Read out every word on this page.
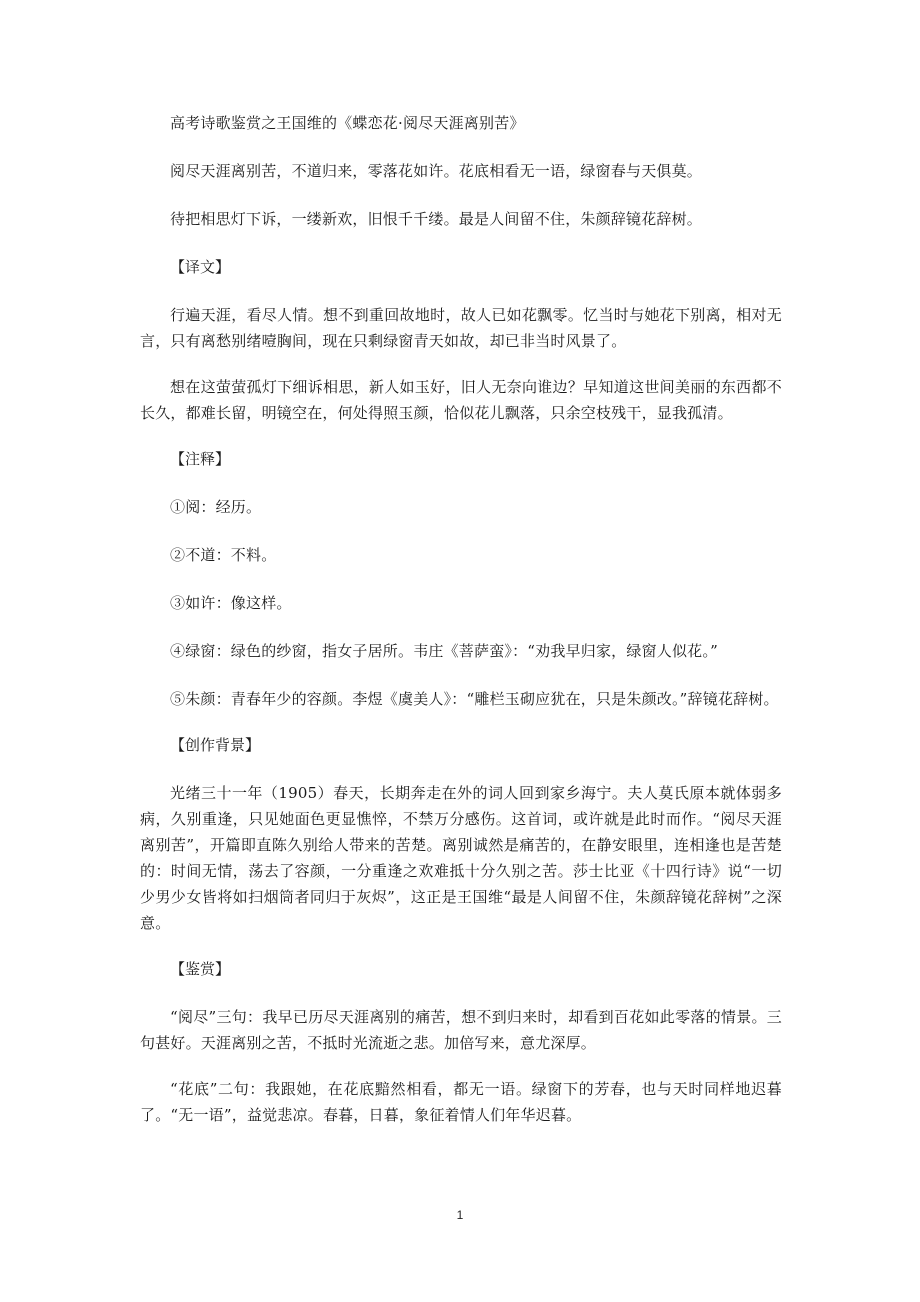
高考诗歌鉴赏之王国维的《蝶恋花·阅尽天涯离别苦》

阅尽天涯离别苦，不道归来，零落花如许。花底相看无一语，绿窗春与天俱莫。

待把相思灯下诉，一缕新欢，旧恨千千缕。最是人间留不住，朱颜辞镜花辞树。

【译文】

行遍天涯，看尽人情。想不到重回故地时，故人已如花飘零。忆当时与她花下别离，相对无言，只有离愁别绪噎胸间，现在只剩绿窗青天如故，却已非当时风景了。

想在这萤萤孤灯下细诉相思，新人如玉好，旧人无奈向谁边？早知道这世间美丽的东西都不长久，都难长留，明镜空在，何处得照玉颜，恰似花儿飘落，只余空枝残干，显我孤清。

【注释】

①阅：经历。

②不道：不料。

③如许：像这样。

④绿窗：绿色的纱窗，指女子居所。韦庄《菩萨蛮》：“劝我早归家，绿窗人似花。”

⑤朱颜：青春年少的容颜。李煜《虞美人》：“雕栏玉砌应犹在，只是朱颜改。”辞镜花辞树。

【创作背景】

光绪三十一年（1905）春天，长期奔走在外的词人回到家乡海宁。夫人莫氏原本就体弱多病，久别重逢，只见她面色更显憔悴，不禁万分感伤。这首词，或许就是此时而作。“阅尽天涯离别苦”，开篇即直陈久别给人带来的苦楚。离别诚然是痛苦的，在静安眼里，连相逢也是苦楚的：时间无情，荡去了容颜，一分重逢之欢难抵十分久别之苦。莎士比亚《十四行诗》说“一切少男少女皆将如扫烟筒者同归于灰烬”，这正是王国维“最是人间留不住，朱颜辞镜花辞树”之深意。

【鉴赏】

“阅尽”三句：我早已历尽天涯离别的痛苦，想不到归来时，却看到百花如此零落的情景。三句甚好。天涯离别之苦，不抵时光流逝之悲。加倍写来，意尤深厚。

“花底”二句：我跟她，在花底黯然相看，都无一语。绿窗下的芳春，也与天时同样地迟暮了。“无一语”，益觉悲凉。春暮，日暮，象征着情人们年华迟暮。

1
